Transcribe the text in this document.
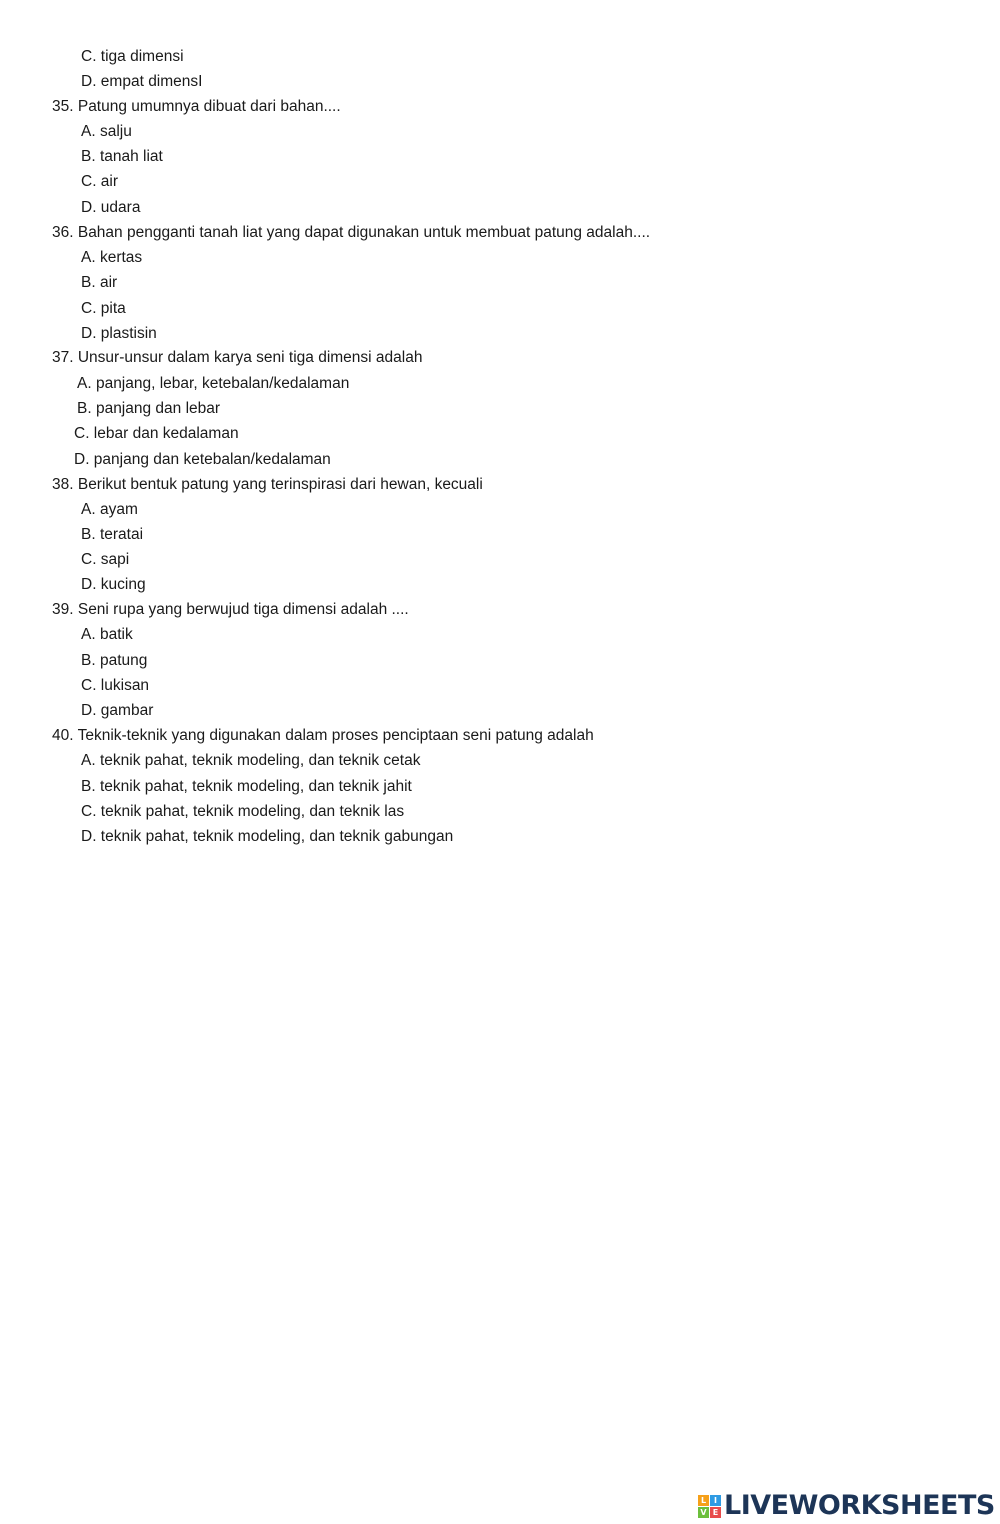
C. tiga dimensi
D. empat dimensI
35. Patung umumnya dibuat dari bahan....
A. salju
B. tanah liat
C. air
D. udara
36. Bahan pengganti tanah liat yang dapat digunakan untuk membuat patung adalah....
A. kertas
B. air
C. pita
D. plastisin
37. Unsur-unsur dalam karya seni tiga dimensi adalah
A. panjang, lebar, ketebalan/kedalaman
B. panjang dan lebar
C. lebar dan kedalaman
D. panjang dan ketebalan/kedalaman
38. Berikut bentuk patung yang terinspirasi dari hewan, kecuali
A. ayam
B. teratai
C. sapi
D. kucing
39. Seni rupa yang berwujud tiga dimensi adalah ....
A. batik
B. patung
C. lukisan
D. gambar
40. Teknik-teknik yang digunakan dalam proses penciptaan seni patung adalah
A. teknik pahat, teknik modeling, dan teknik cetak
B. teknik pahat, teknik modeling, dan teknik jahit
C. teknik pahat, teknik modeling, dan teknik las
D. teknik pahat, teknik modeling, dan teknik gabungan
L I
V E LIVEWORKSHEETS
